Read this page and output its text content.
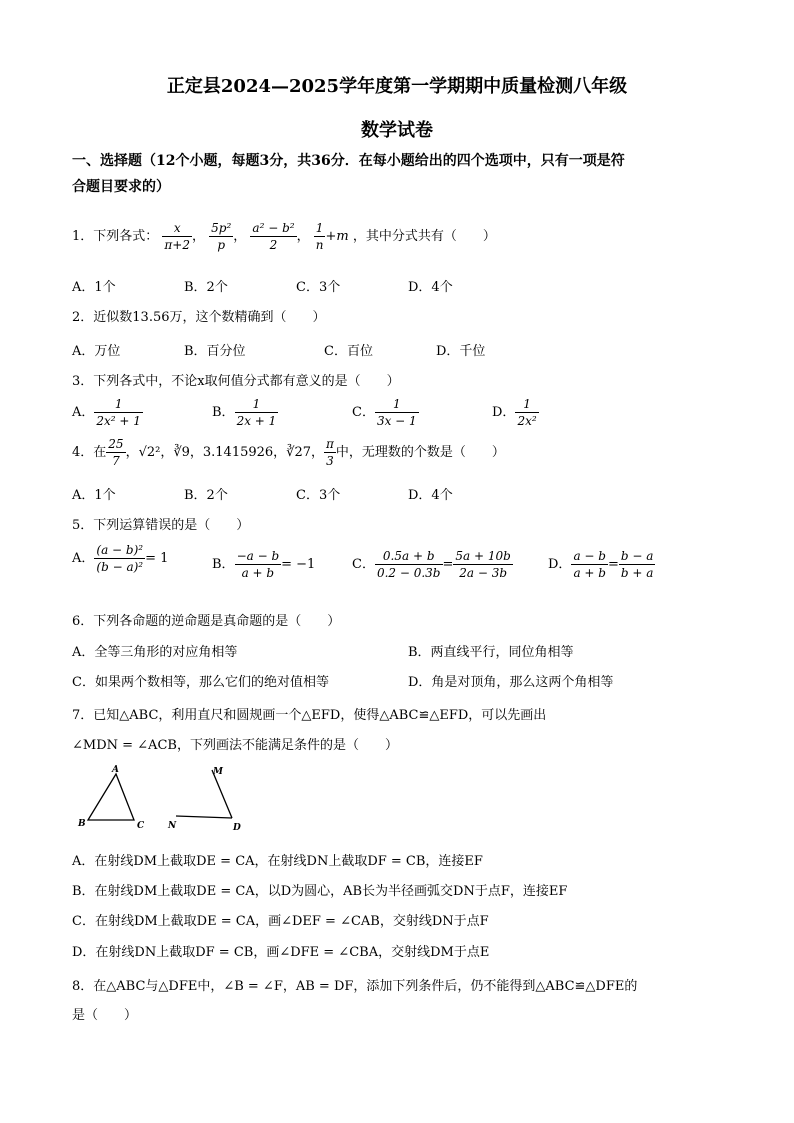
正定县2024—2025学年度第一学期期中质量检测八年级
数学试卷
一、选择题（12个小题，每题3分，共36分．在每小题给出的四个选项中，只有一项是符
合题目要求的）
1．下列各式： $\frac{x}{\pi+2}$ ， $\frac{\text{5p²}}{p}$ ， $\frac{\text{a² − b²}}{2}$ ， $\frac{1}{n} +m$ ，其中分式共有（　　）
A．1个	B．2个	C．3个	D．4个
2．近似数13.56万，这个数精确到（　　）
A．万位	B．百分位	C．百位	D．千位
3．下列各式中，不论x取何值分式都有意义的是（　　）
A． $\frac{1}{\text{2x² + 1}}$	B． $\frac{1}{2x + 1}$	C． $\frac{1}{3x - 1}$	D． $\frac{1}{\text{2x²}}$
4．在 $\frac{25}{7}$ ，√2²，∛9，3.1415926，∛27， $\frac{\pi}{3}$ 中，无理数的个数是（　　）
A．1个	B．2个	C．3个	D．4个
5．下列运算错误的是（　　）
A． $\frac{\text{(a − b)²}}{\text{(b − a)²}} = 1$	B． $\frac{-a - b}{a + b} = -1$	C． $\frac{0.5a + b}{0.2 - 0.3b} = \frac{5a + 10b}{2a - 3b}$	D． $\frac{a - b}{a + b} = \frac{b - a}{b + a}$
6．下列各命题的逆命题是真命题的是（　　）
A．全等三角形的对应角相等	B．两直线平行，同位角相等
C．如果两个数相等，那么它们的绝对值相等	D．角是对顶角，那么这两个角相等
7．已知△ABC，利用直尺和圆规画一个△EFD，使得△ABC≌△EFD，可以先画出
∠MDN = ∠ACB，下列画法不能满足条件的是（　　）
A
B	C
M
N	D
A．在射线DM上截取DE = CA，在射线DN上截取DF = CB，连接EF
B．在射线DM上截取DE = CA，以D为圆心，AB长为半径画弧交DN于点F，连接EF
C．在射线DM上截取DE = CA，画∠DEF = ∠CAB，交射线DN于点F
D．在射线DN上截取DF = CB，画∠DFE = ∠CBA，交射线DM于点E
8．在△ABC与△DFE中，∠B = ∠F，AB = DF，添加下列条件后，仍不能得到△ABC≌△DFE的
是（　　）
